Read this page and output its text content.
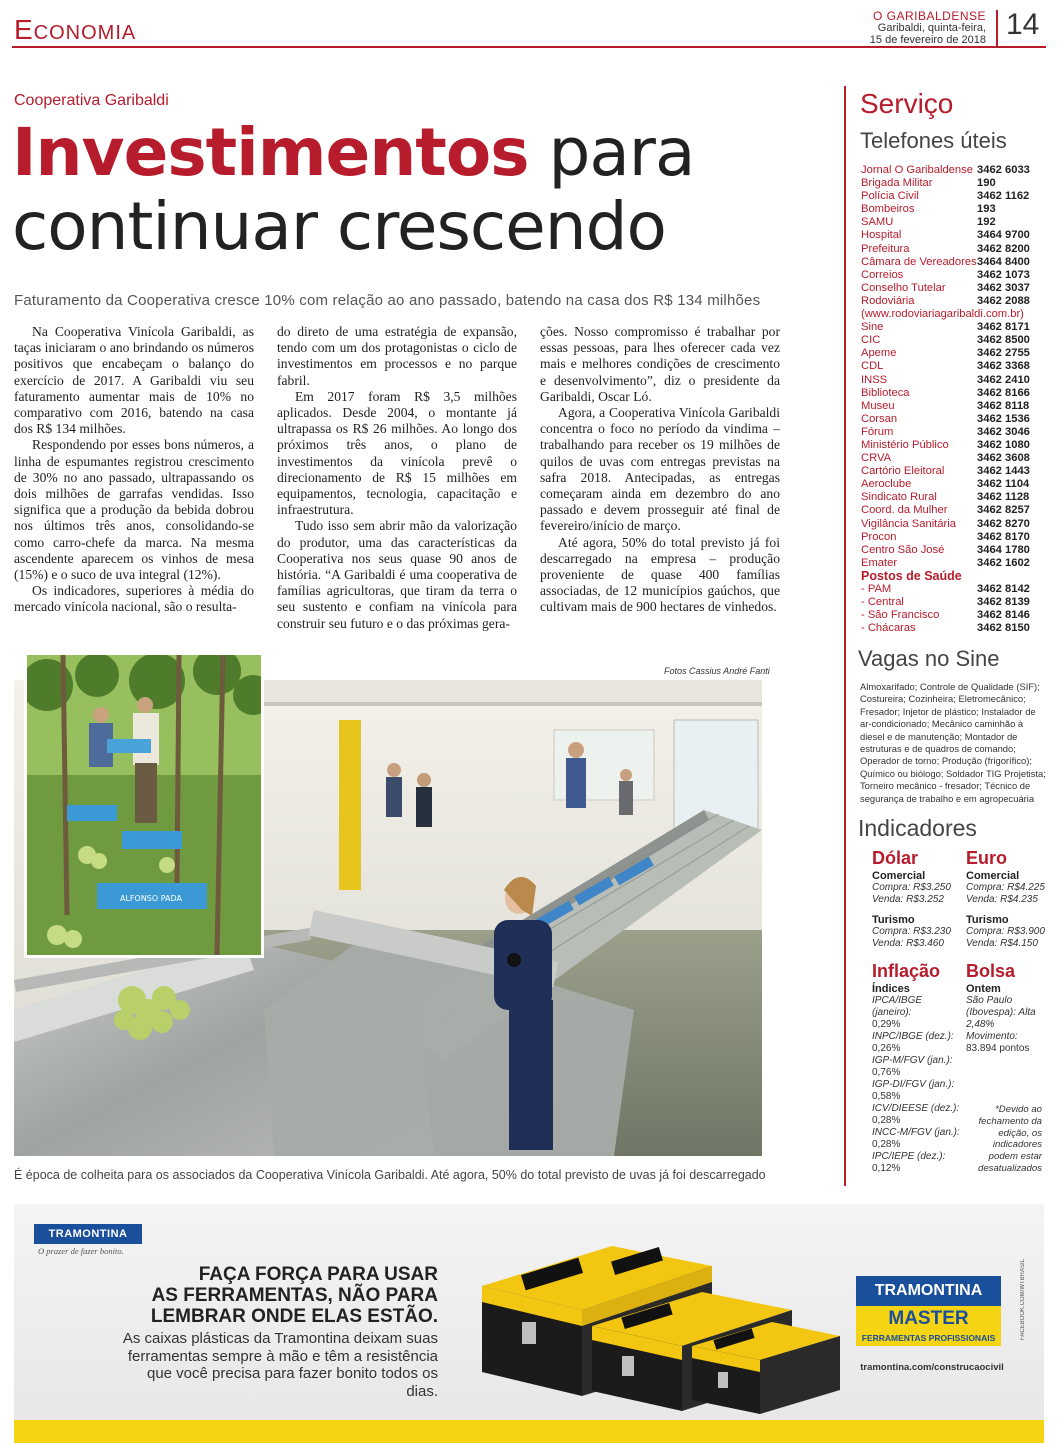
Economia	O GARIBALDENSE
Garibaldi, quinta-feira,
15 de fevereiro de 2018 14
Cooperativa Garibaldi
Investimentos para continuar crescendo
Faturamento da Cooperativa cresce 10% com relação ao ano passado, batendo na casa dos R$ 134 milhões

Na Cooperativa Vinícola Garibaldi, as taças iniciaram o ano brindando os números positivos que encabeçam o balanço do exercício de 2017. A Garibaldi viu seu faturamento aumentar mais de 10% no comparativo com 2016, batendo na casa dos R$ 134 milhões.

Respondendo por esses bons números, a linha de espumantes registrou crescimento de 30% no ano passado, ultrapassando os dois milhões de garrafas vendidas. Isso significa que a produção da bebida dobrou nos últimos três anos, consolidando-se como carro-chefe da marca. Na mesma ascendente aparecem os vinhos de mesa (15%) e o suco de uva integral (12%).

Os indicadores, superiores à média do mercado vinícola nacional, são o resulta-

do direto de uma estratégia de expansão, tendo com um dos protagonistas o ciclo de investimentos em processos e no parque fabril.

Em 2017 foram R$ 3,5 milhões aplicados. Desde 2004, o montante já ultrapassa os R$ 26 milhões. Ao longo dos próximos três anos, o plano de investimentos da vinícola prevê o direcionamento de R$ 15 milhões em equipamentos, tecnologia, capacitação e infraestrutura.

Tudo isso sem abrir mão da valorização do produtor, uma das características da Cooperativa nos seus quase 90 anos de história. “A Garibaldi é uma cooperativa de famílias agricultoras, que tiram da terra o seu sustento e confiam na vinícola para construir seu futuro e o das próximas gera-

ções. Nosso compromisso é trabalhar por essas pessoas, para lhes oferecer cada vez mais e melhores condições de crescimento e desenvolvimento”, diz o presidente da Garibaldi, Oscar Ló.

Agora, a Cooperativa Vinícola Garibaldi concentra o foco no período da vindima – trabalhando para receber os 19 milhões de quilos de uvas com entregas previstas na safra 2018. Antecipadas, as entregas começaram ainda em dezembro do ano passado e devem prosseguir até final de fevereiro/início de março.

Até agora, 50% do total previsto já foi descarregado na empresa – produção proveniente de quase 400 famílias associadas, de 12 municípios gaúchos, que cultivam mais de 900 hectares de vinhedos.

Fotos Cassius André Fanti
ALFONSO PADA
É época de colheita para os associados da Cooperativa Vinícola Garibaldi. Até agora, 50% do total previsto de uvas já foi descarregado
Serviço
Telefones úteis
Jornal O Garibaldense 3462 6033
Brigada Militar	190
Polícia Civil	3462 1162
Bombeiros	193
SAMU	192
Hospital	3464 9700
Prefeitura	3462 8200
Câmara de Vereadores 3464 8400
Correios	3462 1073
Conselho Tutelar	3462 3037
Rodoviária	3462 2088
(www.rodoviariagaribaldi.com.br)
Sine	3462 8171
CIC	3462 8500
Apeme	3462 2755
CDL	3462 3368
INSS	3462 2410
Biblioteca	3462 8166
Museu	3462 8118
Corsan	3462 1536
Fórum	3462 3046
Ministério Público	3462 1080
CRVA	3462 3608
Cartório Eleitoral	3462 1443
Aeroclube	3462 1104
Sindicato Rural	3462 1128
Coord. da Mulher	3462 8257
Vigilância Sanitária 3462 8270
Procon	3462 8170
Centro São José	3464 1780
Emater	3462 1602
Postos de Saúde
- PAM	3462 8142
- Central	3462 8139
- São Francisco	3462 8146
- Chácaras	3462 8150
Vagas no Sine
Almoxarifado; Controle de Qualidade (SIF); Costureira; Cozinheira; Eletromecânico; Fresador; Injetor de plástico; Instalador de ar-condicionado; Mecânico caminhão à diesel e de manutenção; Montador de estruturas e de quadros de comando; Operador de torno; Produção (frigorífico); Químico ou biólogo; Soldador TIG Projetista; Torneiro mecânico - fresador; Técnico de segurança de trabalho e em agropecuária
Indicadores
Dólar
Comercial
Compra: R$3.250
Venda: R$3.252
Turismo
Compra: R$3.230
Venda: R$3.460
Euro
Comercial
Compra: R$4.225
Venda: R$4.235
Turismo
Compra: R$3.900
Venda: R$4.150
Inflação
Índices
IPCA/IBGE (janeiro):
0,29%
INPC/IBGE (dez.):
0,26%
IGP-M/FGV (jan.):
0,76%
IGP-DI/FGV (jan.):
0,58%
ICV/DIEESE (dez.):
0,28%
INCC-M/FGV (jan.):
0,28%
IPC/IEPE (dez.):
0,12%
Bolsa
Ontem
São Paulo (Ibovespa): Alta 2,48%
Movimento:
83.894 pontos
*Devido ao fechamento da edição, os indicadores podem estar desatualizados
TRAMONTINA
O prazer de fazer bonito.
FAÇA FORÇA PARA USAR
AS FERRAMENTAS, NÃO PARA
LEMBRAR ONDE ELAS ESTÃO.
As caixas plásticas da Tramontina deixam suas ferramentas sempre à mão e têm a resistência que você precisa para fazer bonito todos os dias.
TRAMONTINA
MASTER
FERRAMENTAS PROFISSIONAIS
tramontina.com/construcaocivil
FACEBOOK.COM/WTBRASIL
